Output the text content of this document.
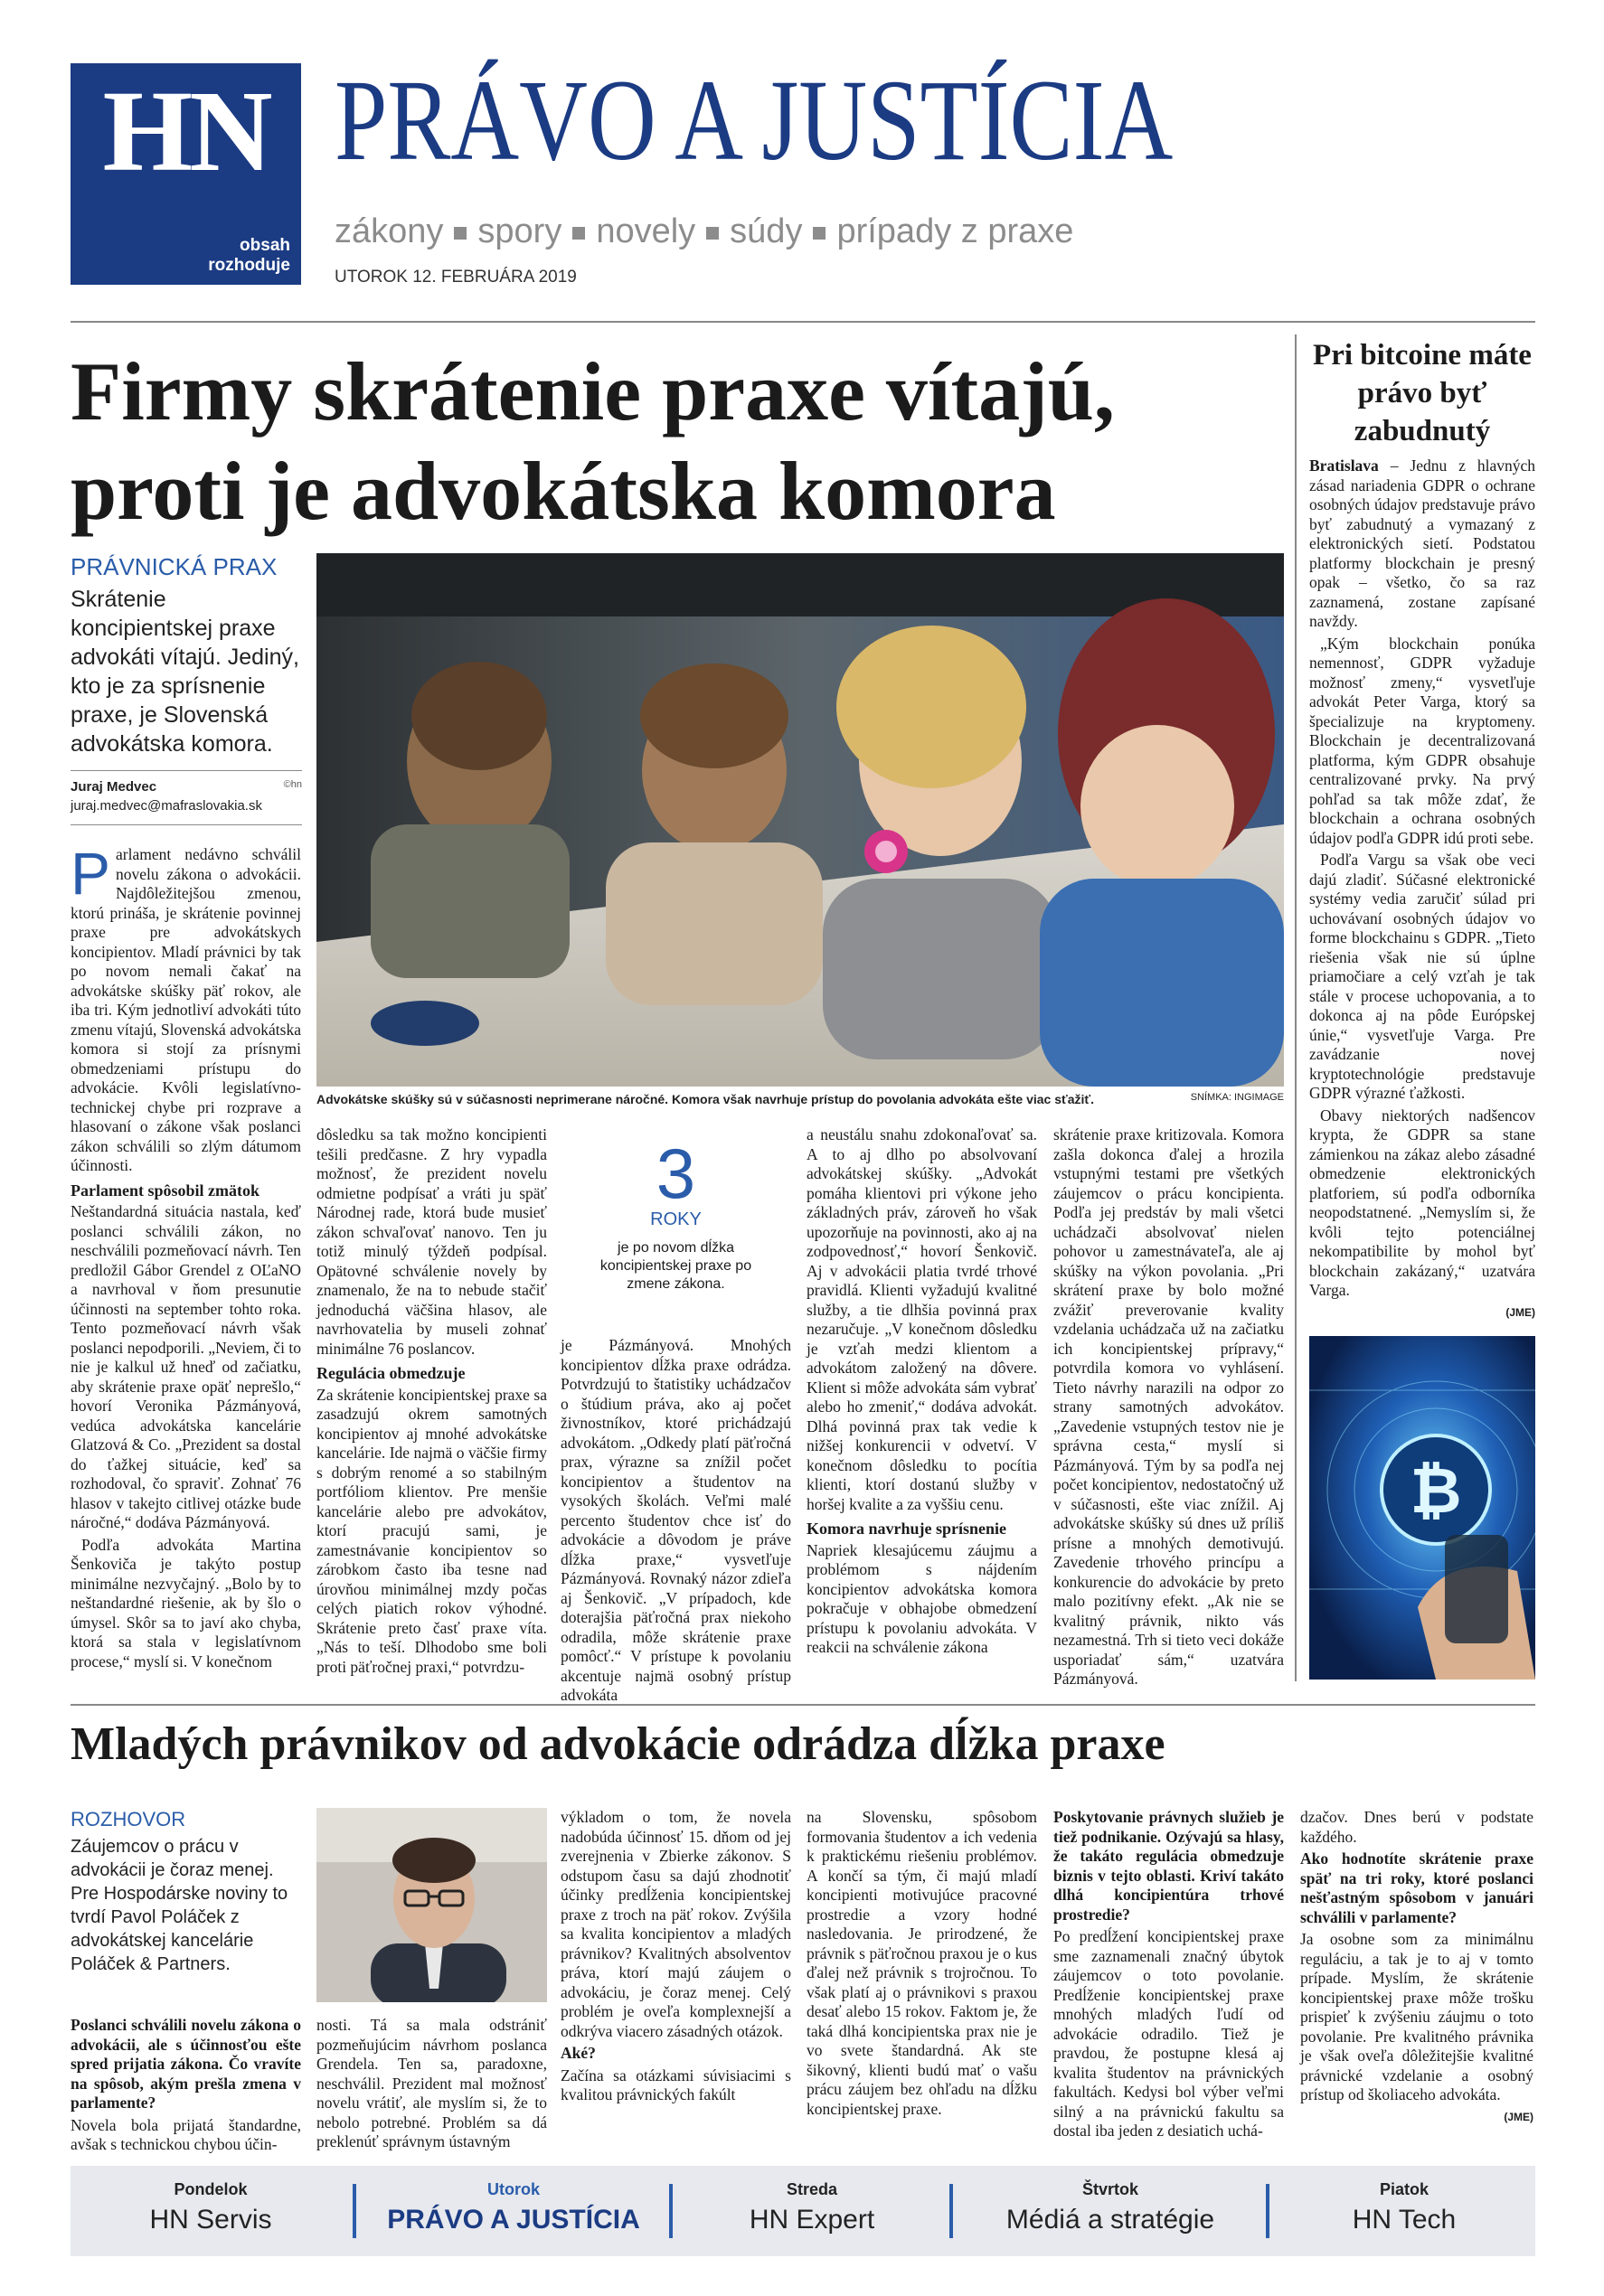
HN
obsah
rozhoduje
PRÁVO A JUSTÍCIA
zákony spory novely súdy prípady z praxe
UTOROK 12. FEBRUÁRA 2019
Firmy skrátenie praxe vítajú,
proti je advokátska komora
PRÁVNICKÁ PRAX
Skrátenie koncipientskej praxe advokáti vítajú. Jediný, kto je za sprísnenie praxe, je Slovenská advokátska komora.
Juraj Medvec	©hn
juraj.medvec@mafraslovakia.sk
Advokátske skúšky sú v súčasnosti neprimerane náročné. Komora však navrhuje prístup do povolania advokáta ešte viac sťažiť.	SNÍMKA: INGIMAGE

Parlament nedávno schválil novelu zákona o advokácii. Najdôležitejšou zmenou, ktorú prináša, je skrátenie povinnej praxe pre advokátskych koncipientov. Mladí právnici by tak po novom nemali čakať na advokátske skúšky päť rokov, ale iba tri. Kým jednotliví advokáti túto zmenu vítajú, Slovenská advokátska komora si stojí za prísnymi obmedzeniami prístupu do advokácie. Kvôli legislatívno-technickej chybe pri rozprave a hlasovaní o zákone však poslanci zákon schválili so zlým dátumom účinnosti.

Parlament spôsobil zmätok

Neštandardná situácia nastala, keď poslanci schválili zákon, no neschválili pozmeňovací návrh. Ten predložil Gábor Grendel z OĽaNO a navrhoval v ňom presunutie účinnosti na september tohto roka. Tento pozmeňovací návrh však poslanci nepodporili. „Neviem, či to nie je kalkul už hneď od začiatku, aby skrátenie praxe opäť neprešlo,“ hovorí Veronika Pázmányová, vedúca advokátska kancelárie Glatzová & Co. „Prezident sa dostal do ťažkej situácie, keď sa rozhodoval, čo spraviť. Zohnať 76 hlasov v takejto citlivej otázke bude náročné,“ dodáva Pázmányová.

Podľa advokáta Martina Šenkoviča je takýto postup minimálne nezvyčajný. „Bolo by to neštandardné riešenie, ak by šlo o úmysel. Skôr sa to javí ako chyba, ktorá sa stala v legislatívnom procese,“ myslí si. V konečnom

dôsledku sa tak možno koncipienti tešili predčasne. Z hry vypadla možnosť, že prezident novelu odmietne podpísať a vráti ju späť Národnej rade, ktorá bude musieť zákon schvaľovať nanovo. Ten ju totiž minulý týždeň podpísal. Opätovné schválenie novely by znamenalo, že na to nebude stačiť jednoduchá väčšina hlasov, ale navrhovatelia by museli zohnať minimálne 76 poslancov.

Regulácia obmedzuje

Za skrátenie koncipientskej praxe sa zasadzujú okrem samotných koncipientov aj mnohé advokátske kancelárie. Ide najmä o väčšie firmy s dobrým renomé a so stabilným portfóliom klientov. Pre menšie kancelárie alebo pre advokátov, ktorí pracujú sami, je zamestnávanie koncipientov so zárobkom často iba tesne nad úrovňou minimálnej mzdy počas celých piatich rokov výhodné. Skrátenie preto časť praxe víta. „Nás to teší. Dlhodobo sme boli proti päťročnej praxi,“ potvrdzu-

3
ROKY
je po novom dĺžka koncipientskej praxe po zmene zákona.

je Pázmányová. Mnohých koncipientov dĺžka praxe odrádza. Potvrdzujú to štatistiky uchádzačov o štúdium práva, ako aj počet živnostníkov, ktoré prichádzajú advokátom. „Odkedy platí päťročná prax, výrazne sa znížil počet koncipientov a študentov na vysokých školách. Veľmi malé percento študentov chce isť do advokácie a dôvodom je práve dĺžka praxe,“ vysvetľuje Pázmányová. Rovnaký názor zdieľa aj Šenkovič. „V prípadoch, kde doterajšia päťročná prax niekoho odradila, môže skrátenie praxe pomôcť.“ V prístupe k povolaniu akcentuje najmä osobný prístup advokáta

a neustálu snahu zdokonaľovať sa. A to aj dlho po absolvovaní advokátskej skúšky. „Advokát pomáha klientovi pri výkone jeho základných práv, zároveň ho však upozorňuje na povinnosti, ako aj na zodpovednosť,“ hovorí Šenkovič. Aj v advokácii platia tvrdé trhové pravidlá. Klienti vyžadujú kvalitné služby, a tie dlhšia povinná prax nezaručuje. „V konečnom dôsledku je vzťah medzi klientom a advokátom založený na dôvere. Klient si môže advokáta sám vybrať alebo ho zmeniť,“ dodáva advokát. Dlhá povinná prax tak vedie k nižšej konkurencii v odvetví. V konečnom dôsledku to pocítia klienti, ktorí dostanú služby v horšej kvalite a za vyššiu cenu.

Komora navrhuje sprísnenie

Napriek klesajúcemu záujmu a problémom s nájdením koncipientov advokátska komora pokračuje v obhajobe obmedzení prístupu k povolaniu advokáta. V reakcii na schválenie zákona

skrátenie praxe kritizovala. Komora zašla dokonca ďalej a hrozila vstupnými testami pre všetkých záujemcov o prácu koncipienta. Podľa jej predstáv by mali všetci uchádzači absolvovať nielen pohovor u zamestnávateľa, ale aj skúšky na výkon povolania. „Pri skrátení praxe by bolo možné zvážiť preverovanie kvality vzdelania uchádzača už na začiatku ich koncipientskej prípravy,“ potvrdila komora vo vyhlásení. Tieto návrhy narazili na odpor zo strany samotných advokátov. „Zavedenie vstupných testov nie je správna cesta,“ myslí si Pázmányová. Tým by sa podľa nej počet koncipientov, nedostatočný už v súčasnosti, ešte viac znížil. Aj advokátske skúšky sú dnes už príliš prísne a mnohých demotivujú. Zavedenie trhového princípu a konkurencie do advokácie by preto malo pozitívny efekt. „Ak nie se kvalitný právnik, nikto vás nezamestná. Trh si tieto veci dokáže usporiadať sám,“ uzatvára Pázmányová.

Pri bitcoine máte právo byť zabudnutý

Bratislava – Jednu z hlavných zásad nariadenia GDPR o ochrane osobných údajov predstavuje právo byť zabudnutý a vymazaný z elektronických sietí. Podstatou platformy blockchain je presný opak – všetko, čo sa raz zaznamená, zostane zapísané navždy.

„Kým blockchain ponúka nemennosť, GDPR vyžaduje možnosť zmeny,“ vysvetľuje advokát Peter Varga, ktorý sa špecializuje na kryptomeny. Blockchain je decentralizovaná platforma, kým GDPR obsahuje centralizované prvky. Na prvý pohľad sa tak môže zdať, že blockchain a ochrana osobných údajov podľa GDPR idú proti sebe.

Podľa Vargu sa však obe veci dajú zladiť. Súčasné elektronické systémy vedia zaručiť súlad pri uchovávaní osobných údajov vo forme blockchainu s GDPR. „Tieto riešenia však nie sú úplne priamočiare a celý vzťah je tak stále v procese uchopovania, a to dokonca aj na pôde Európskej únie,“ vysvetľuje Varga. Pre zavádzanie novej kryptotechnológie predstavuje GDPR výrazné ťažkosti.

Obavy niektorých nadšencov krypta, že GDPR sa stane zámienkou na zákaz alebo zásadné obmedzenie elektronických platforiem, sú podľa odborníka neopodstatnené. „Nemyslím si, že kvôli tejto potenciálnej nekompatibilite by mohol byť blockchain zakázaný,“ uzatvára Varga.

(JME)
₿
Mladých právnikov od advokácie odrádza dĺžka praxe
ROZHOVOR
Záujemcov o prácu v advokácii je čoraz menej. Pre Hospodárske noviny to tvrdí Pavol Poláček z advokátskej kancelárie Poláček & Partners.

Poslanci schválili novelu zákona o advokácii, ale s účinnosťou ešte spred prijatia zákona. Čo vravíte na spôsob, akým prešla zmena v parlamente?

Novela bola prijatá štandardne, avšak s technickou chybou účin-

nosti. Tá sa mala odstrániť pozmeňujúcim návrhom poslanca Grendela. Ten sa, paradoxne, neschválil. Prezident mal možnosť novelu vrátiť, ale myslím si, že to nebolo potrebné. Problém sa dá preklenúť správnym ústavným

výkladom o tom, že novela nadobúda účinnosť 15. dňom od jej zverejnenia v Zbierke zákonov. S odstupom času sa dajú zhodnotiť účinky predĺženia koncipientskej praxe z troch na päť rokov. Zvýšila sa kvalita koncipientov a mladých právnikov? Kvalitných absolventov práva, ktorí majú záujem o advokáciu, je čoraz menej. Celý problém je oveľa komplexnejší a odkrýva viacero zásadných otázok.

Aké?

Začína sa otázkami súvisiacimi s kvalitou právnických fakúlt

na Slovensku, spôsobom formovania študentov a ich vedenia k praktickému riešeniu problémov. A končí sa tým, či majú mladí koncipienti motivujúce pracovné prostredie a vzory hodné nasledovania. Je prirodzené, že právnik s päťročnou praxou je o kus ďalej než právnik s trojročnou. To však platí aj o právnikovi s praxou desať alebo 15 rokov. Faktom je, že taká dlhá koncipientska prax nie je vo svete štandardná. Ak ste šikovný, klienti budú mať o vašu prácu záujem bez ohľadu na dĺžku koncipientskej praxe.

Poskytovanie právnych služieb je tiež podnikanie. Ozývajú sa hlasy, že takáto regulácia obmedzuje biznis v tejto oblasti. Kriví takáto dlhá koncipientúra trhové prostredie?

Po predĺžení koncipientskej praxe sme zaznamenali značný úbytok záujemcov o toto povolanie. Predĺženie koncipientskej praxe mnohých mladých ľudí od advokácie odradilo. Tiež je pravdou, že postupne klesá aj kvalita študentov na právnických fakultách. Kedysi bol výber veľmi silný a na právnickú fakultu sa dostal iba jeden z desiatich uchá-

dzačov. Dnes berú v podstate každého.

Ako hodnotíte skrátenie praxe späť na tri roky, ktoré poslanci nešťastným spôsobom v januári schválili v parlamente?

Ja osobne som za minimálnu reguláciu, a tak je to aj v tomto prípade. Myslím, že skrátenie koncipientskej praxe môže trošku prispieť k zvýšeniu záujmu o toto povolanie. Pre kvalitného právnika je však oveľa dôležitejšie kvalitné právnické vzdelanie a osobný prístup od školiaceho advokáta.

(JME)
Pondelok
HN Servis
Utorok
PRÁVO A JUSTÍCIA
Streda
HN Expert
Štvrtok
Médiá a stratégie
Piatok
HN Tech
